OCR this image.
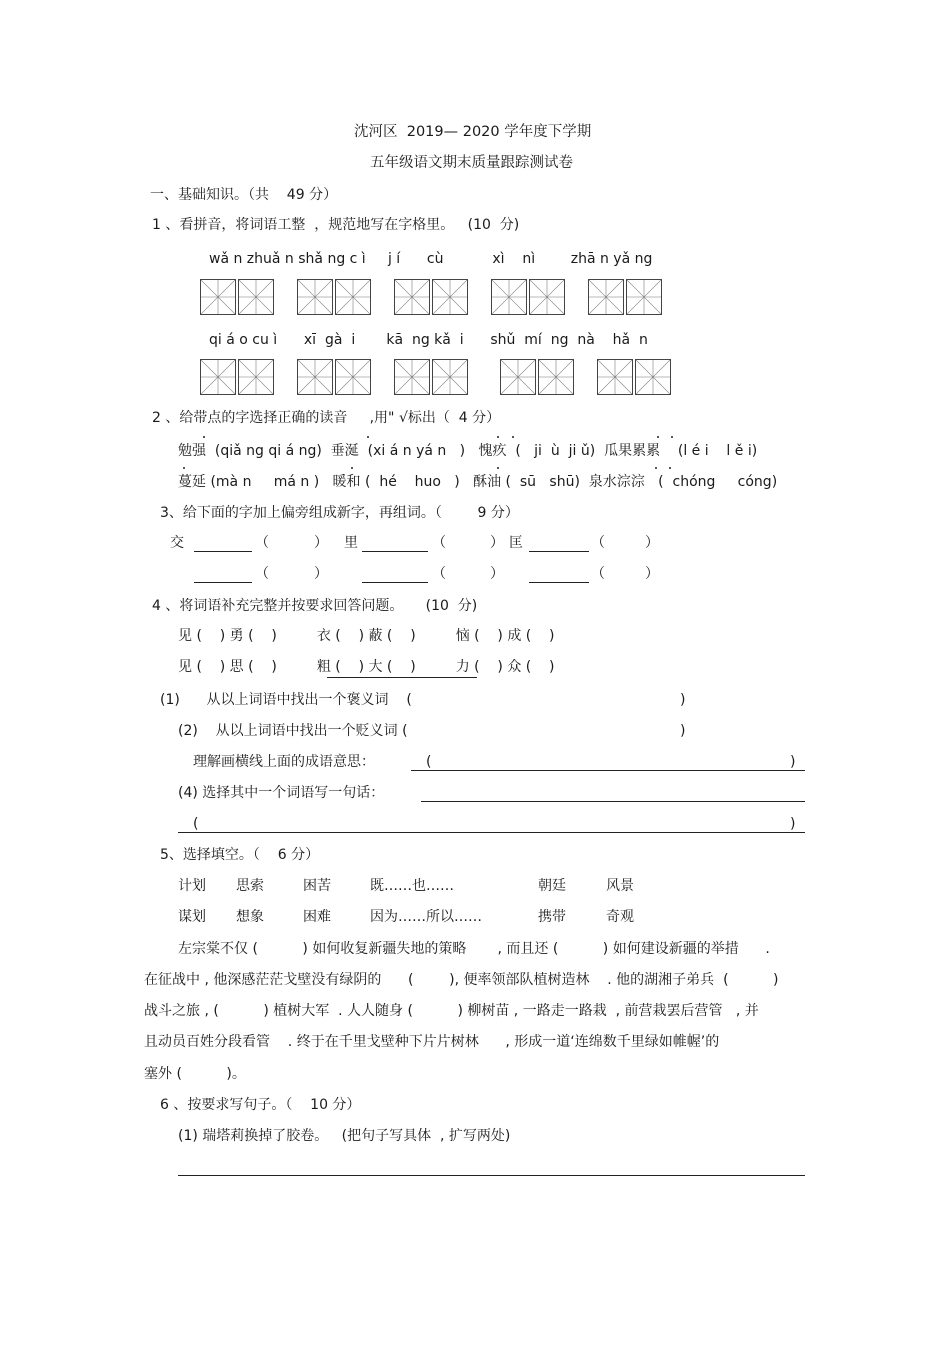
沈河区  2019— 2020 学年度下学期
五年级语文期末质量跟踪测试卷
一、基础知识。（共    49 分）
1 、看拼音，将词语工整  ，规范地写在字格里。   (10  分)
wǎ n zhuǎ n shǎ ng c ì     j í      cù           xì    nì        zhā n yǎ ng
qi á o cu ì      xī  gà  i       kā  ng kǎ  i      shǔ  mí  ng  nà    hǎ  n
2 、给带点的字选择正确的读音     ,用" √标出（  4 分）
勉强  (qiǎ ng qi á ng)  垂涎  (xi á n yá n   )   愧疚  (   ji  ù  ji ǔ)  瓜果累累    (l é i    l ě i)
蔓延 (mà n     má n )   暖和 (  hé    huo   )   酥油 (  sū   shū)  泉水淙淙   (  chóng     cóng)
3、给下面的字加上偏旁组成新字，再组词。（        9 分）
交	（	） 里	（	） 匡	（	）
（	）	（	）	（	）
4 、将词语补充完整并按要求回答问题。     (10  分)
见 (    ) 勇 (    )         衣 (    ) 蔽 (    )         恼 (    ) 成 (    )
见 (    ) 思 (    )         粗 (    ) 大 (    )         力 (    ) 众 (    )
(1)      从以上词语中找出一个褒义词    (	)
(2)    从以上词语中找出一个贬义词 (	)
理解画横线上面的成语意思：	(	)
(4) 选择其中一个词语写一句话：
(	)
5、选择填空。（    6 分）
计划 思索	困苦	既……也……	朝廷	风景
谋划 想象	困难	因为……所以……	携带	奇观
左宗棠不仅 (          ) 如何收复新疆失地的策略       , 而且还 (          ) 如何建设新疆的举措      .
在征战中 , 他深感茫茫戈壁没有绿阴的      (        ), 便率领部队植树造林    . 他的湖湘子弟兵  (          )
战斗之旅 , (          ) 植树大军  . 人人随身 (          ) 柳树苗 , 一路走一路栽  , 前营栽罢后营管   , 并
且动员百姓分段看管    . 终于在千里戈壁种下片片树林      , 形成一道‘连绵数千里绿如帷幄’的
塞外 (          )。
6 、按要求写句子。（    10 分）
(1) 瑞塔莉换掉了胶卷。   (把句子写具体  , 扩写两处)
